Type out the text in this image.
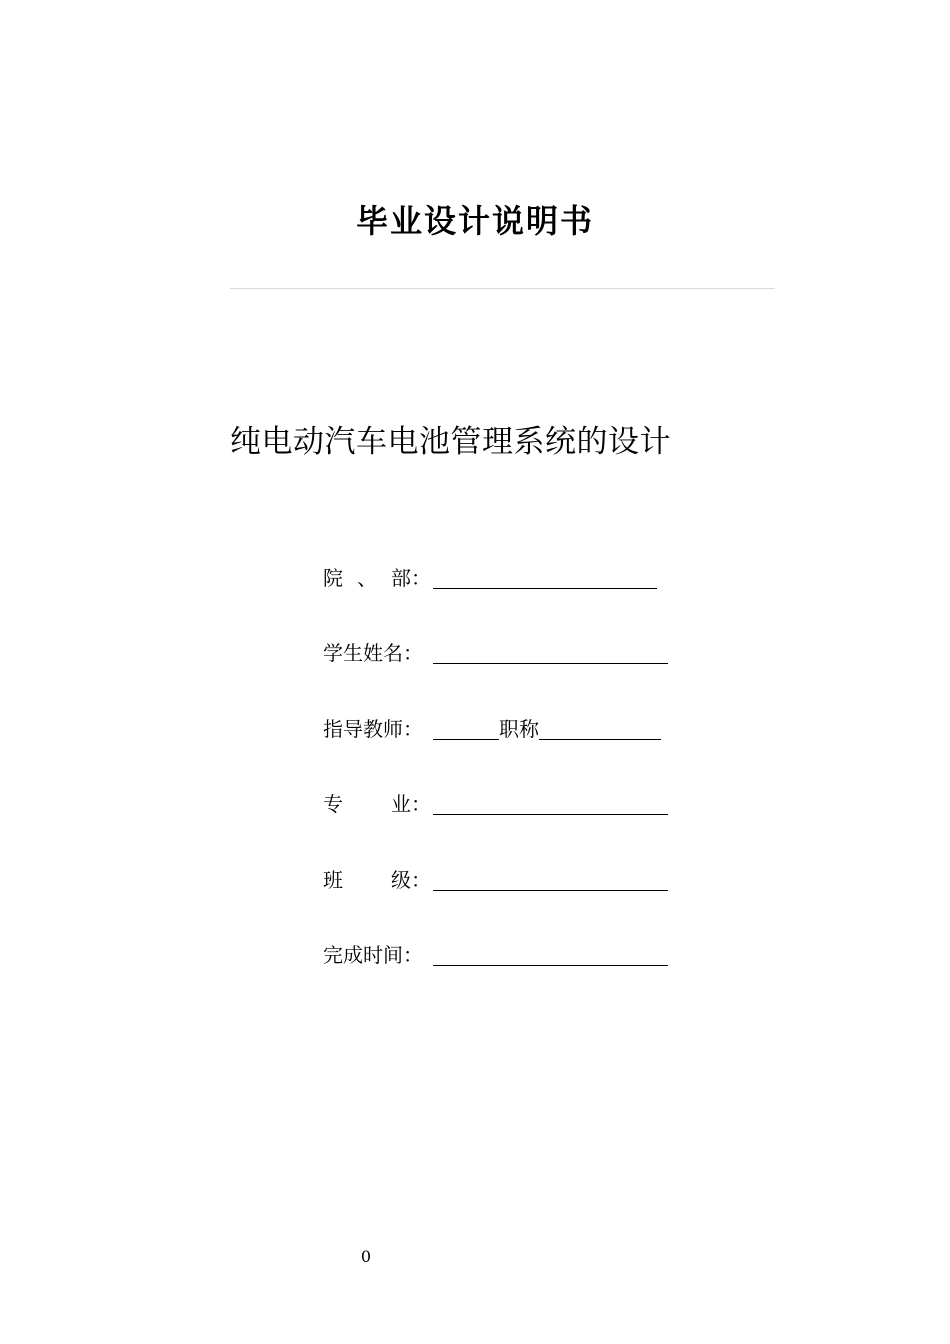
毕业设计说明书
纯电动汽车电池管理系统的设计
院 、 部 ：
学生姓名：
指导教师：	职称
专 业 ：
班 级 ：
完成时间：
0
